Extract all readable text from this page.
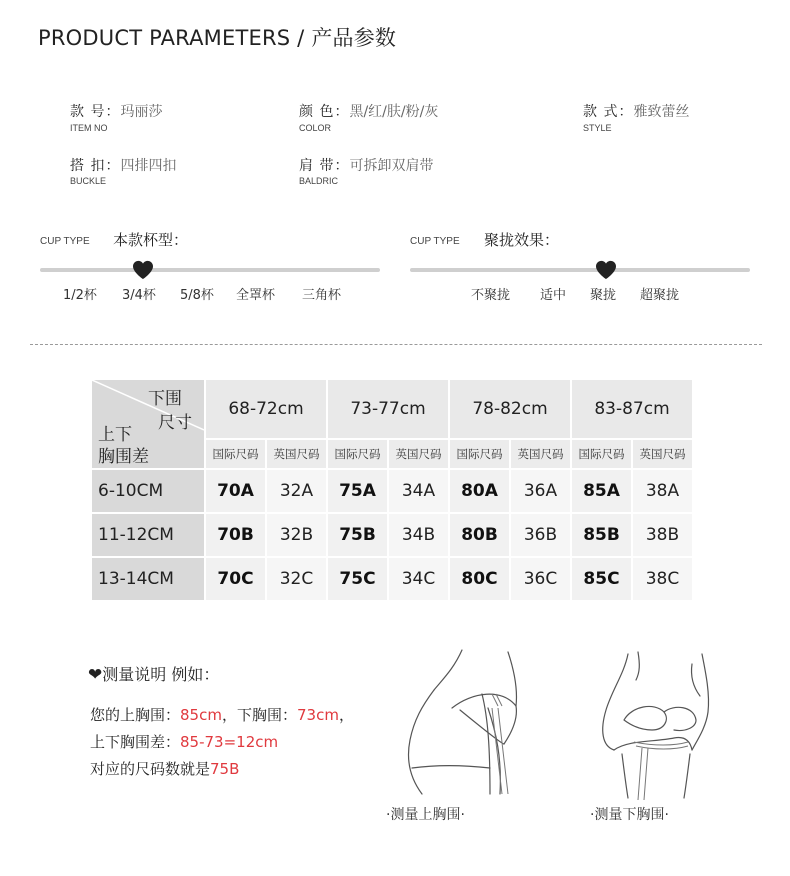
PRODUCT PARAMETERS / 产品参数
款 号：玛丽莎
ITEM NO
颜 色：黑/红/肤/粉/灰
COLOR
款 式：雅致蕾丝
STYLE
搭 扣：四排四扣
BUCKLE
肩 带：可拆卸双肩带
BALDRIC
CUP TYPE 本款杯型：
1/2杯 3/4杯 5/8杯 全罩杯 三角杯
CUP TYPE 聚拢效果：
不聚拢 适中 聚拢 超聚拢
下围
尺寸
上下
胸围差	68-72cm		73-77cm		78-82cm		83-87cm	
	国际尺码	英国尺码	国际尺码	英国尺码	国际尺码	英国尺码	国际尺码	英国尺码
6-10CM	70A	32A	75A	34A	80A	36A	85A	38A
11-12CM	70B	32B	75B	34B	80B	36B	85B	38B
13-14CM	70C	32C	75C	34C	80C	36C	85C	38C
❤测量说明 例如：
您的上胸围：85cm，下胸围：73cm，
上下胸围差：85-73=12cm
对应的尺码数就是75B
·测量上胸围·	·测量下胸围·
